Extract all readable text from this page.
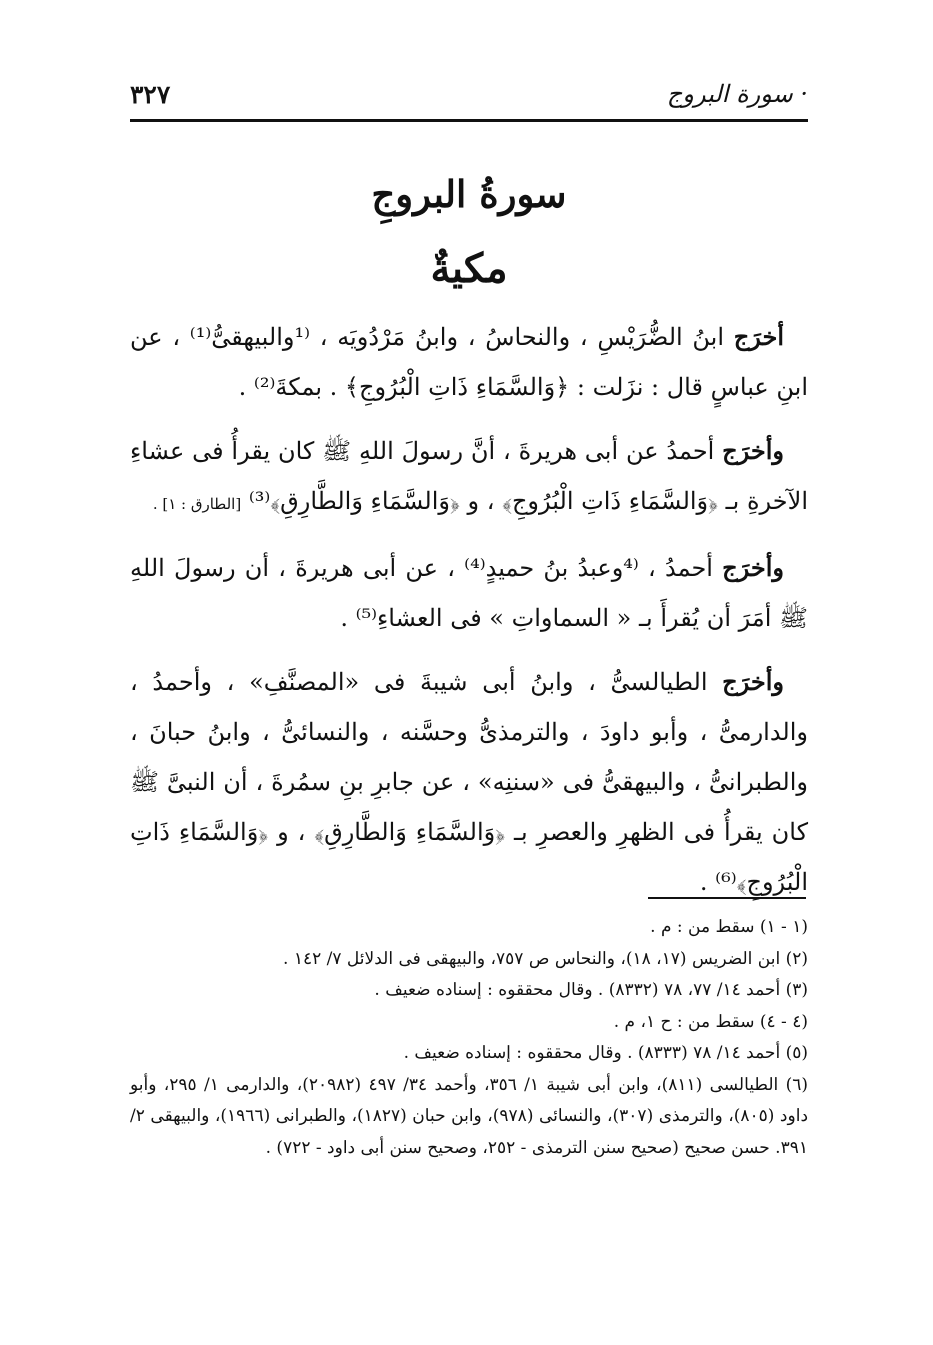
· سورة البروج
٣٢٧
سورةُ البروجِ
مكيةٌ

أخرَج ابنُ الضُّرَيْسِ ، والنحاسُ ، وابنُ مَرْدُويَه ، ⁽¹والبيهقىُّ⁽¹⁾ ، عن ابنِ عباسٍ قال : نزَلت : ﴿وَالسَّمَاءِ ذَاتِ الْبُرُوجِ﴾ . بمكةَ⁽²⁾ .

وأخرَج أحمدُ عن أبى هريرةَ ، أنَّ رسولَ اللهِ ﷺ كان يقرأُ فى عشاءِ الآخرةِ بـ ﴿وَالسَّمَاءِ ذَاتِ الْبُرُوجِ﴾ ، و ﴿وَالسَّمَاءِ وَالطَّارِقِ﴾⁽³⁾ [الطارق : ١] .

وأخرَج أحمدُ ، ⁽⁴وعبدُ بنُ حميدٍ⁽⁴⁾ ، عن أبى هريرةَ ، أن رسولَ اللهِ ﷺ أمَرَ أن يُقرأَ بـ « السماواتِ » فى العشاءِ⁽⁵⁾ .

وأخرَج الطيالسىُّ ، وابنُ أبى شيبةَ فى «المصنَّفِ» ، وأحمدُ ، والدارمىُّ ، وأبو داودَ ، والترمذىُّ وحسَّنه ، والنسائىُّ ، وابنُ حبانَ ، والطبرانىُّ ، والبيهقىُّ فى «سننِه» ، عن جابرِ بنِ سمُرةَ ، أن النبىَّ ﷺ كان يقرأُ فى الظهرِ والعصرِ بـ ﴿وَالسَّمَاءِ وَالطَّارِقِ﴾ ، و ﴿وَالسَّمَاءِ ذَاتِ الْبُرُوجِ﴾⁽⁶⁾ .

(١ - ١) سقط من : م .

(٢) ابن الضريس (١٧، ١٨)، والنحاس ص ٧٥٧، والبيهقى فى الدلائل ٧/ ١٤٢ .

(٣) أحمد ١٤/ ٧٧، ٧٨ (٨٣٣٢) . وقال محققوه : إسناده ضعيف .

(٤ - ٤) سقط من : ح ١، م .

(٥) أحمد ١٤/ ٧٨ (٨٣٣٣) . وقال محققوه : إسناده ضعيف .

(٦) الطيالسى (٨١١)، وابن أبى شيبة ١/ ٣٥٦، وأحمد ٣٤/ ٤٩٧ (٢٠٩٨٢)، والدارمى ١/ ٢٩٥، وأبو داود (٨٠٥)، والترمذى (٣٠٧)، والنسائى (٩٧٨)، وابن حبان (١٨٢٧)، والطبرانى (١٩٦٦)، والبيهقى ٢/ ٣٩١. حسن صحيح (صحيح سنن الترمذى - ٢٥٢، وصحيح سنن أبى داود - ٧٢٢) .
